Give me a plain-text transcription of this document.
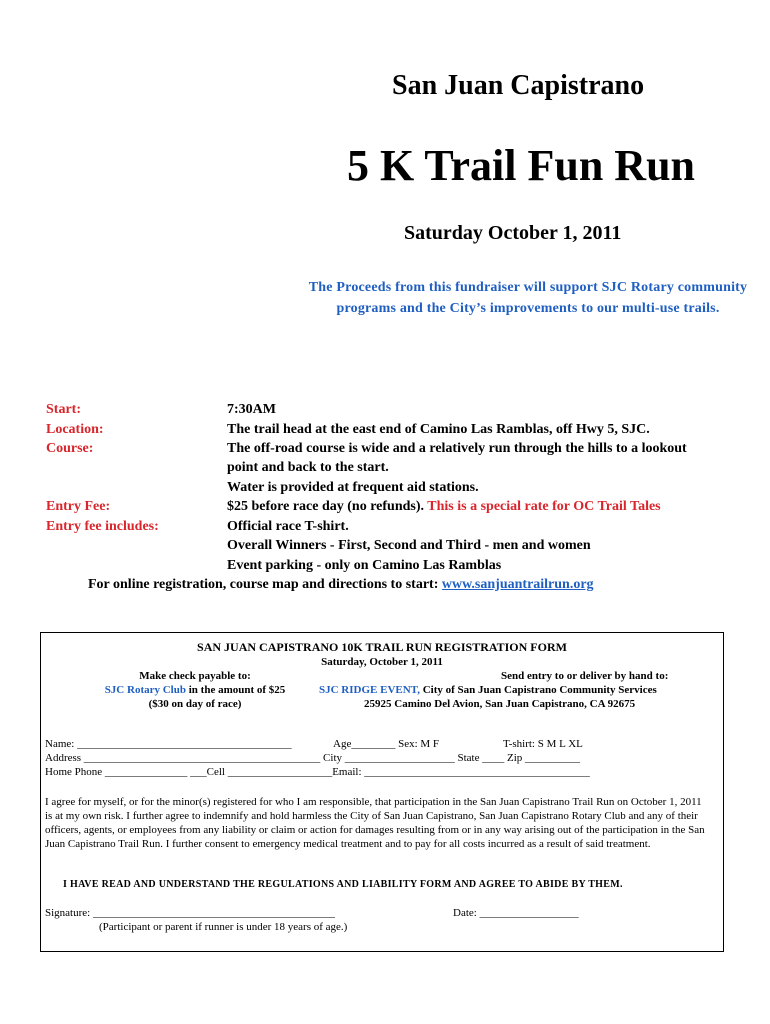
San Juan Capistrano
5 K Trail Fun Run
Saturday October 1, 2011
The Proceeds from this fundraiser will support SJC Rotary community programs and the City’s improvements to our multi-use trails.
Start:	7:30AM
Location:	The trail head at the east end of Camino Las Ramblas, off Hwy 5, SJC.
Course:	The off-road course is wide and a relatively run through the hills to a lookout
point and back to the start.
Water is provided at frequent aid stations.
Entry Fee:	$25 before race day (no refunds). This is a special rate for OC Trail Tales
Entry fee includes:	Official race T-shirt.
Overall Winners - First, Second and Third - men and women
Event parking - only on Camino Las Ramblas
For online registration, course map and directions to start: www.sanjuantrailrun.org
SAN JUAN CAPISTRANO 10K TRAIL RUN REGISTRATION FORM
Saturday, October 1, 2011
Make check payable to:
SJC Rotary Club in the amount of $25
($30 on day of race)
Send entry to or deliver by hand to:
SJC RIDGE EVENT, City of San Juan Capistrano Community Services
25925 Camino Del Avion, San Juan Capistrano, CA 92675
Name: _______________________________________	Age________ Sex: M F	T-shirt: S M L XL
Address ___________________________________________ City ____________________ State ____ Zip __________
Home Phone _______________ ___Cell ___________________Email: _________________________________________
I agree for myself, or for the minor(s) registered for who I am responsible, that participation in the San Juan Capistrano Trail Run on October 1, 2011 is at my own risk. I further agree to indemnify and hold harmless the City of San Juan Capistrano, San Juan Capistrano Rotary Club and any of their officers, agents, or employees from any liability or claim or action for damages resulting from or in any way arising out of the participation in the San Juan Capistrano Trail Run. I further consent to emergency medical treatment and to pay for all costs incurred as a result of said treatment.
I HAVE READ AND UNDERSTAND THE REGULATIONS AND LIABILITY FORM AND AGREE TO ABIDE BY THEM.
Signature: ____________________________________________	Date: __________________
(Participant or parent if runner is under 18 years of age.)
